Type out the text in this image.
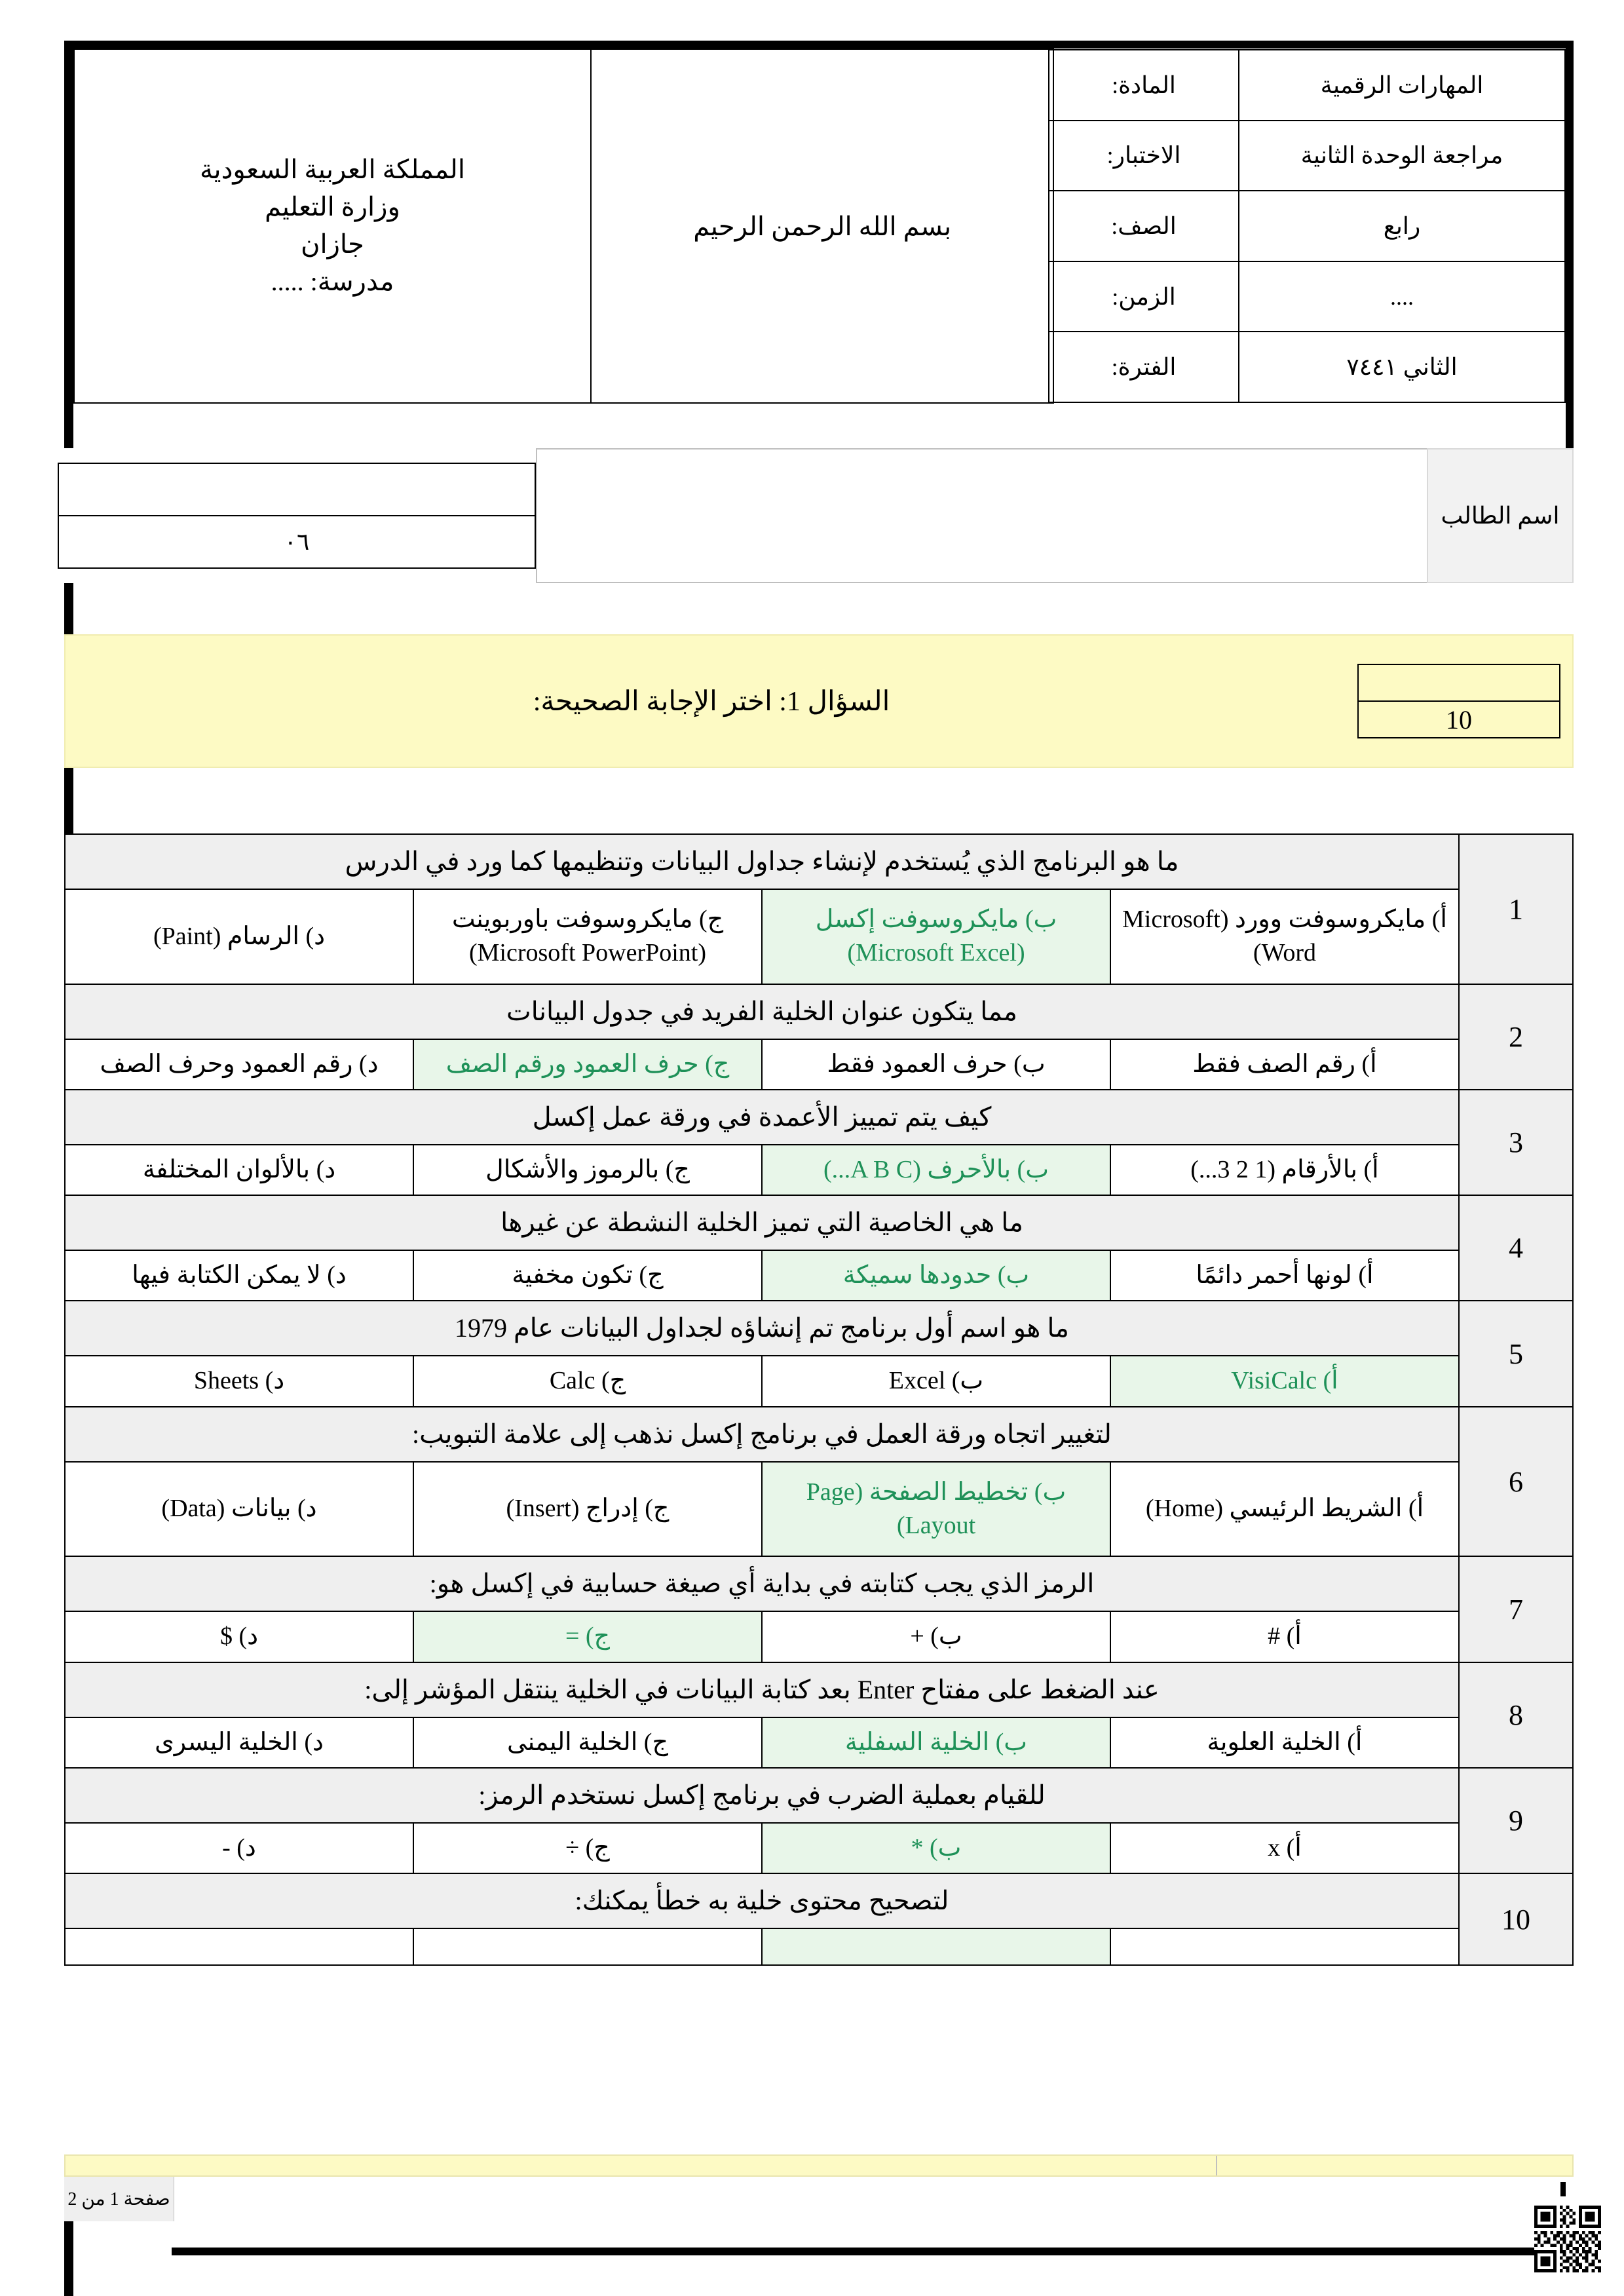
المهارات الرقمية	المادة:
مراجعة الوحدة الثانية	الاختبار:
رابع	الصف:
....	الزمن:
الثاني ٧٤٤١	الفترة:
	بسم الله الرحمن الرحيم	المملكة العربية السعودية
وزارة التعليم
جازان
مدرسة: .....
اسم الطالب		

٠٦

10
	السؤال 1: اختر الإجابة الصحيحة:
1	ما هو البرنامج الذي يُستخدم لإنشاء جداول البيانات وتنظيمها كما ورد في الدرس			
	أ) مايكروسوفت وورد (Microsoft Word)	ب) مايكروسوفت إكسل (Microsoft Excel)	ج) مايكروسوفت باوربوينت (Microsoft PowerPoint)	د) الرسام (Paint)
2	مما يتكون عنوان الخلية الفريد في جدول البيانات			
	أ) رقم الصف فقط	ب) حرف العمود فقط	ج) حرف العمود ورقم الصف	د) رقم العمود وحرف الصف
3	كيف يتم تمييز الأعمدة في ورقة عمل إكسل			
	أ) بالأرقام (1 2 3...)	ب) بالأحرف (A B C...)	ج) بالرموز والأشكال	د) بالألوان المختلفة
4	ما هي الخاصية التي تميز الخلية النشطة عن غيرها			
	أ) لونها أحمر دائمًا	ب) حدودها سميكة	ج) تكون مخفية	د) لا يمكن الكتابة فيها
5	ما هو اسم أول برنامج تم إنشاؤه لجداول البيانات عام 1979			
	أ) VisiCalc	ب) Excel	ج) Calc	د) Sheets
6	لتغيير اتجاه ورقة العمل في برنامج إكسل نذهب إلى علامة التبويب:			
	أ) الشريط الرئيسي (Home)	ب) تخطيط الصفحة (Page Layout)	ج) إدراج (Insert)	د) بيانات (Data)
7	الرمز الذي يجب كتابته في بداية أي صيغة حسابية في إكسل هو:			
	أ) #	ب) +	ج) =	د) $
8	عند الضغط على مفتاح Enter بعد كتابة البيانات في الخلية ينتقل المؤشر إلى:			
	أ) الخلية العلوية	ب) الخلية السفلية	ج) الخلية اليمنى	د) الخلية اليسرى
9	للقيام بعملية الضرب في برنامج إكسل نستخدم الرمز:			
	أ) x	ب) *	ج) ÷	د) -
10	لتصحيح محتوى خلية به خطأ يمكنك:			

صفحة 1 من 2
